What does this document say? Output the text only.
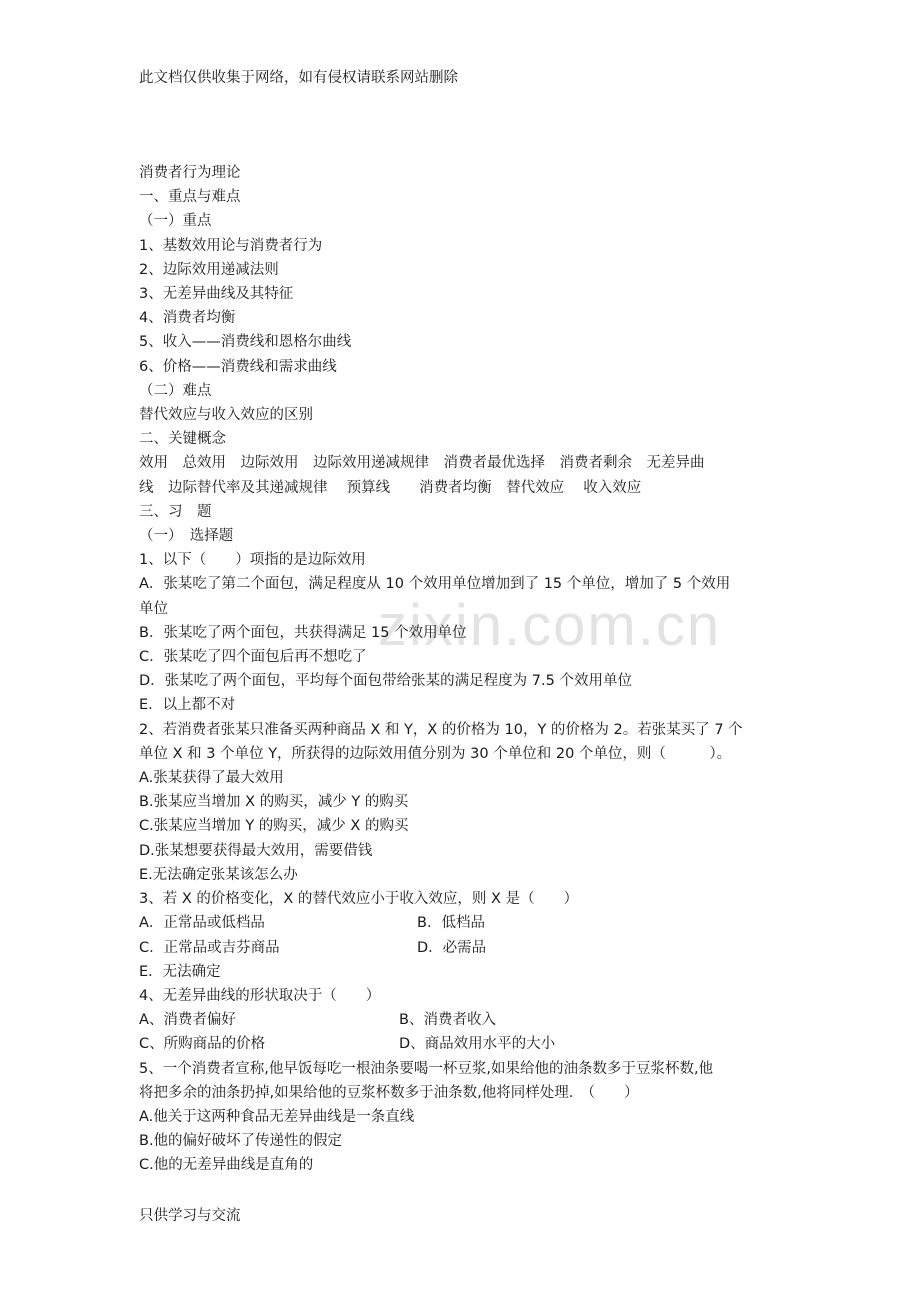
zixin.com.cn
此文档仅供收集于网络，如有侵权请联系网站删除
消费者行为理论
一、重点与难点
（一）重点
1、基数效用论与消费者行为
2、边际效用递减法则
3、无差异曲线及其特征
4、消费者均衡
5、收入——消费线和恩格尔曲线
6、价格——消费线和需求曲线
（二）难点
替代效应与收入效应的区别
二、关键概念
效用　总效用　边际效用　边际效用递减规律　消费者最优选择　消费者剩余　无差异曲
线　边际替代率及其递减规律　 预算线　　消费者均衡　替代效应　 收入效应
三、习　题
（一）　选择题
1、以下（　　）项指的是边际效用
A．张某吃了第二个面包，满足程度从 10 个效用单位增加到了 15 个单位，增加了 5 个效用
单位
B．张某吃了两个面包，共获得满足 15 个效用单位
C．张某吃了四个面包后再不想吃了
D．张某吃了两个面包，平均每个面包带给张某的满足程度为 7.5 个效用单位
E．以上都不对
2、若消费者张某只准备买两种商品 X 和 Y，X 的价格为 10，Y 的价格为 2。若张某买了 7 个
单位 X 和 3 个单位 Y，所获得的边际效用值分别为 30 个单位和 20 个单位，则（　　　）。
A.张某获得了最大效用
B.张某应当增加 X 的购买，减少 Y 的购买
C.张某应当增加 Y 的购买，减少 X 的购买
D.张某想要获得最大效用，需要借钱
E.无法确定张某该怎么办
3、若 X 的价格变化，X 的替代效应小于收入效应，则 X 是（　　）
A．正常品或低档品	B．低档品
C．正常品或吉芬商品	D．必需品
E．无法确定
4、无差异曲线的形状取决于（　　）
A、消费者偏好	B、消费者收入
C、所购商品的价格	D、商品效用水平的大小
5、一个消费者宣称,他早饭每吃一根油条要喝一杯豆浆,如果给他的油条数多于豆浆杯数,他
将把多余的油条扔掉,如果给他的豆浆杯数多于油条数,他将同样处理.　（　　）
A.他关于这两种食品无差异曲线是一条直线
B.他的偏好破坏了传递性的假定
C.他的无差异曲线是直角的
只供学习与交流
